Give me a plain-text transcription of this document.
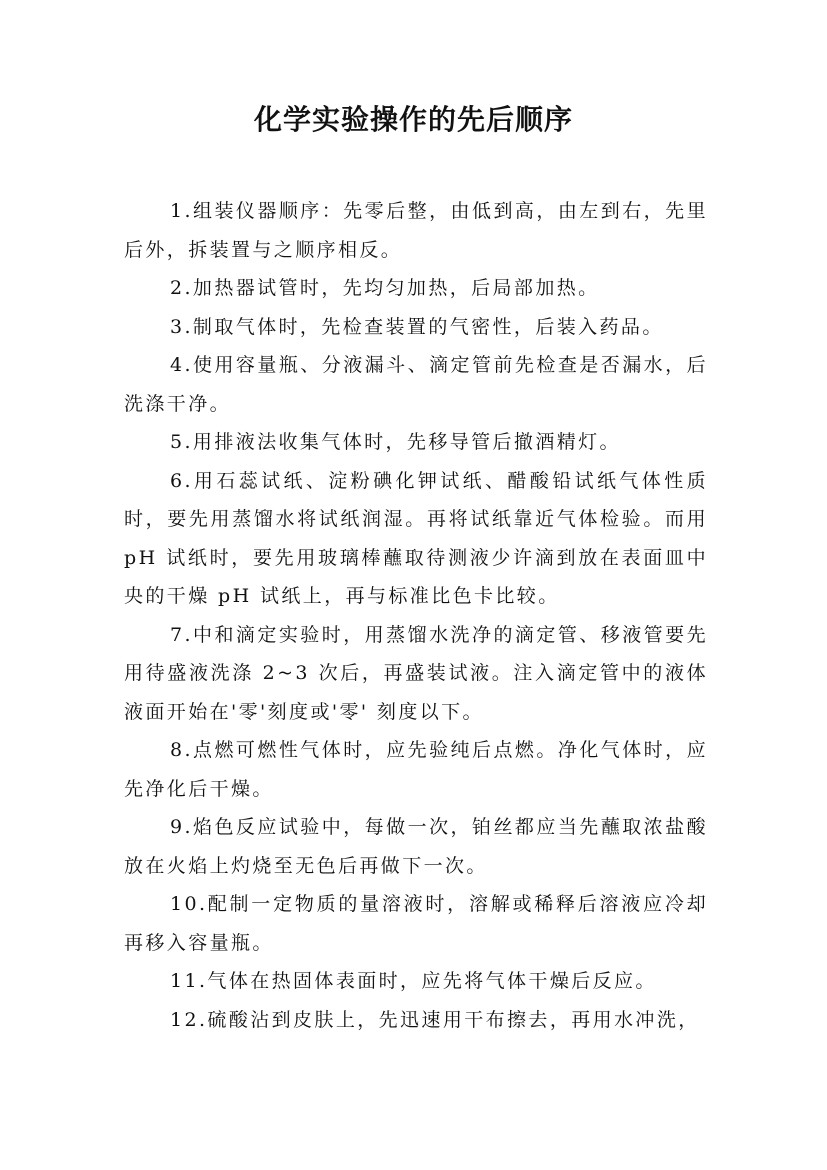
化学实验操作的先后顺序

1.组装仪器顺序：先零后整，由低到高，由左到右，先里后外，拆装置与之顺序相反。

2.加热器试管时，先均匀加热，后局部加热。

3.制取气体时，先检查装置的气密性，后装入药品。

4.使用容量瓶、分液漏斗、滴定管前先检查是否漏水，后洗涤干净。

5.用排液法收集气体时，先移导管后撤酒精灯。

6.用石蕊试纸、淀粉碘化钾试纸、醋酸铅试纸气体性质时，要先用蒸馏水将试纸润湿。再将试纸靠近气体检验。而用 pH 试纸时，要先用玻璃棒蘸取待测液少许滴到放在表面皿中央的干燥 pH 试纸上，再与标准比色卡比较。

7.中和滴定实验时，用蒸馏水洗净的滴定管、移液管要先用待盛液洗涤 2~3 次后，再盛装试液。注入滴定管中的液体液面开始在'零'刻度或'零' 刻度以下。

8.点燃可燃性气体时，应先验纯后点燃。净化气体时，应先净化后干燥。

9.焰色反应试验中，每做一次，铂丝都应当先蘸取浓盐酸放在火焰上灼烧至无色后再做下一次。

10.配制一定物质的量溶液时，溶解或稀释后溶液应冷却再移入容量瓶。

11.气体在热固体表面时，应先将气体干燥后反应。

12.硫酸沾到皮肤上，先迅速用干布擦去，再用水冲洗，
